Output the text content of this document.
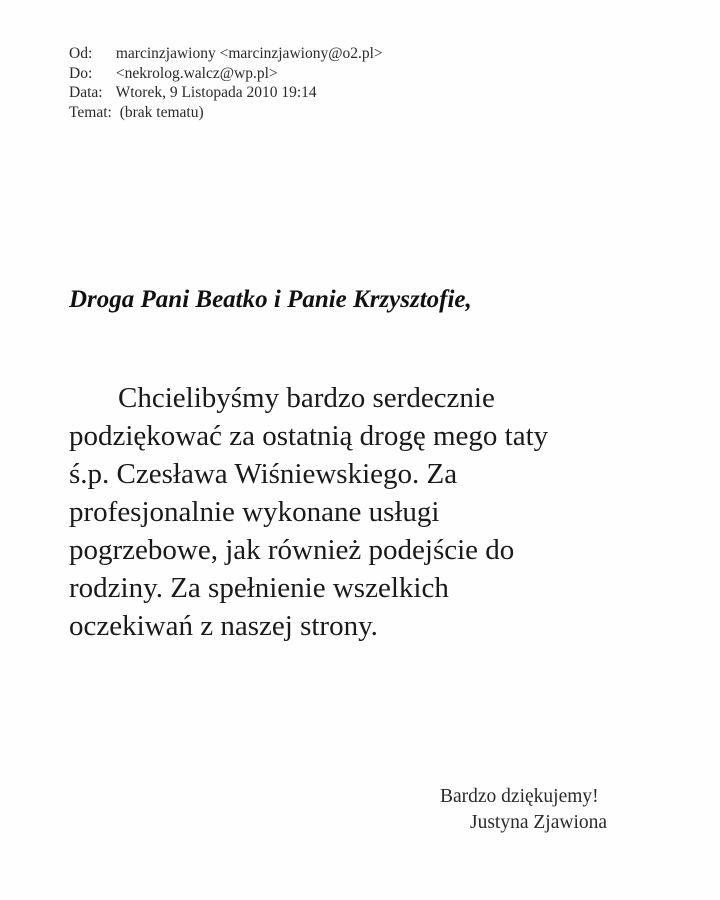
Od: marcinzjawiony <marcinzjawiony@o2.pl>
Do: <nekrolog.walcz@wp.pl>
Data: Wtorek, 9 Listopada 2010 19:14
Temat: (brak tematu)
Droga Pani Beatko i Panie Krzysztofie,
Chcielibyśmy bardzo serdecznie
podziękować za ostatnią drogę mego taty
ś.p. Czesława Wiśniewskiego. Za
profesjonalnie wykonane usługi
pogrzebowe, jak również podejście do
rodziny. Za spełnienie wszelkich
oczekiwań z naszej strony.
Bardzo dziękujemy!
Justyna Zjawiona
